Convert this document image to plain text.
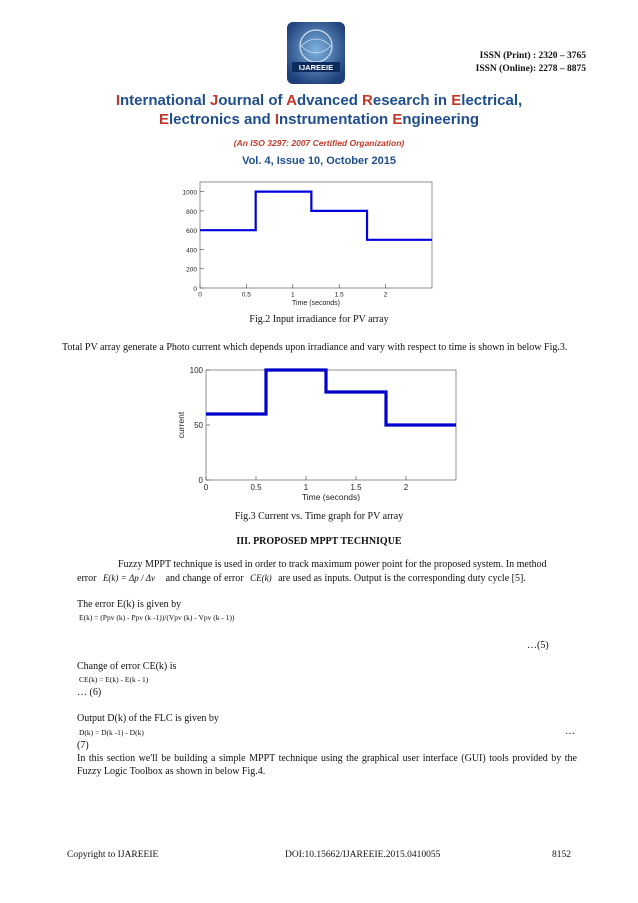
IJAREEIE
ISSN (Print) : 2320 – 3765
ISSN (Online): 2278 – 8875
International Journal of Advanced Research in Electrical,
Electronics and Instrumentation Engineering
(An ISO 3297: 2007 Certified Organization)
Vol. 4, Issue 10, October 2015
0
200
400
600
800
1000
0	0.5	1	1.5	2
Time (seconds)
Fig.2 Input irradiance for PV array
Total PV array generate a Photo current which depends upon irradiance and vary with respect to time is shown in below Fig.3.
0
50
100
0	0.5	1	1.5	2
Time (seconds)
current
Fig.3 Current vs. Time graph for PV array
III. PROPOSED MPPT TECHNIQUE
Fuzzy MPPT technique is used in order to track maximum power point for the proposed system. In method
error E(k) = Δp / Δv and change of error CE(k) are used as inputs. Output is the corresponding duty cycle [5].
The error E(k) is given by
E(k) = (Ppv (k) - Ppv (k -1))/(Vpv (k) - Vpv (k - 1))
…(5)
Change of error CE(k) is
CE(k) = E(k) - E(k - 1)
… (6)
Output D(k) of the FLC is given by
D(k) = D(k -1) - D(k)	…
(7)
In this section we'll be building a simple MPPT technique using the graphical user interface (GUI) tools provided by the Fuzzy Logic Toolbox as shown in below Fig.4.
Copyright to IJAREEIE	DOI:10.15662/IJAREEIE.2015.0410055	8152
